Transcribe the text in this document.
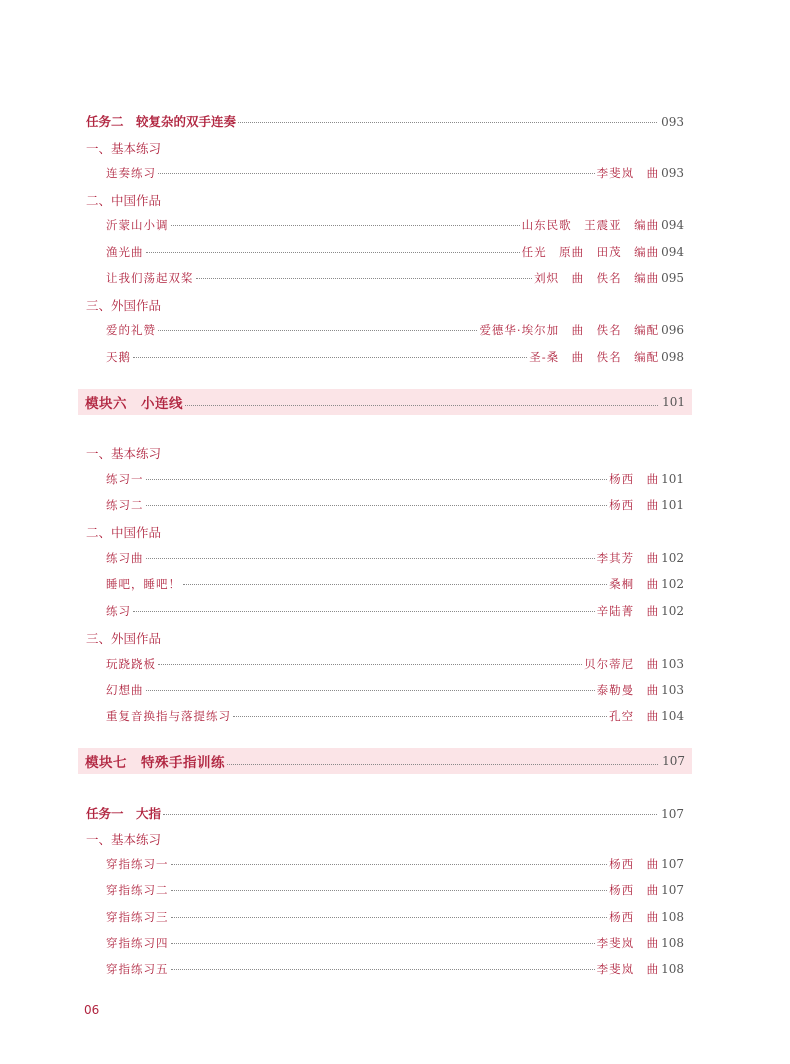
任务二　较复杂的双手连奏	093
一、基本练习
连奏练习	李斐岚　曲 093
二、中国作品
沂蒙山小调	山东民歌　王震亚　编曲 094
渔光曲	任光　原曲　田茂　编曲 094
让我们荡起双桨	刘炽　曲　佚名　编曲 095
三、外国作品
爱的礼赞	爱德华·埃尔加　曲　佚名　编配 096
天鹅	圣-桑　曲　佚名　编配 098
模块六　小连线	101
一、基本练习
练习一	杨西　曲 101
练习二	杨西　曲 101
二、中国作品
练习曲	李其芳　曲 102
睡吧，睡吧！	桑桐　曲 102
练习	辛陆菁　曲 102
三、外国作品
玩跷跷板	贝尔蒂尼　曲 103
幻想曲	泰勒曼　曲 103
重复音换指与落提练习	孔空　曲 104
模块七　特殊手指训练	107
任务一　大指	107
一、基本练习
穿指练习一	杨西　曲 107
穿指练习二	杨西　曲 107
穿指练习三	杨西　曲 108
穿指练习四	李斐岚　曲 108
穿指练习五	李斐岚　曲 108
06
